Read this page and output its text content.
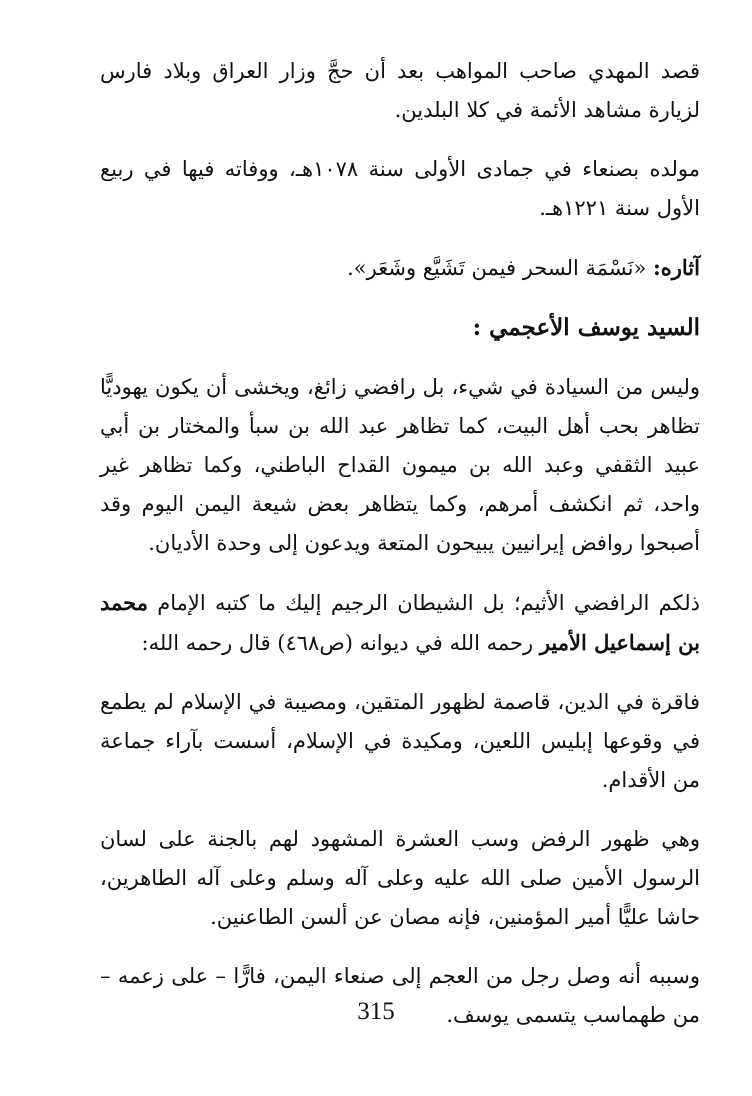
قصد المهدي صاحب المواهب بعد أن حجَّ وزار العراق وبلاد فارس لزيارة مشاهد الأئمة في كلا البلدين.

مولده بصنعاء في جمادى الأولى سنة ١٠٧٨هـ، ووفاته فيها في ربيع الأول سنة ١٢٢١هـ.

آثاره: «نَسْمَة السحر فيمن تَشَيَّع وشَعَر».

السيد يوسف الأعجمي :

وليس من السيادة في شيء، بل رافضي زائغ، ويخشى أن يكون يهوديًّا تظاهر بحب أهل البيت، كما تظاهر عبد الله بن سبأ والمختار بن أبي عبيد الثقفي وعبد الله بن ميمون القداح الباطني، وكما تظاهر غير واحد، ثم انكشف أمرهم، وكما يتظاهر بعض شيعة اليمن اليوم وقد أصبحوا روافض إيرانيين يبيحون المتعة ويدعون إلى وحدة الأديان.

ذلكم الرافضي الأثيم؛ بل الشيطان الرجيم إليك ما كتبه الإمام محمد بن إسماعيل الأمير رحمه الله في ديوانه (ص٤٦٨) قال رحمه الله:

فاقرة في الدين، قاصمة لظهور المتقين، ومصيبة في الإسلام لم يطمع في وقوعها إبليس اللعين، ومكيدة في الإسلام، أسست بآراء جماعة من الأقدام.

وهي ظهور الرفض وسب العشرة المشهود لهم بالجنة على لسان الرسول الأمين صلى الله عليه وعلى آله وسلم وعلى آله الطاهرين، حاشا عليًّا أمير المؤمنين، فإنه مصان عن ألسن الطاعنين.

وسببه أنه وصل رجل من العجم إلى صنعاء اليمن، فارًّا – على زعمه – من طهماسب يتسمى يوسف.

315
